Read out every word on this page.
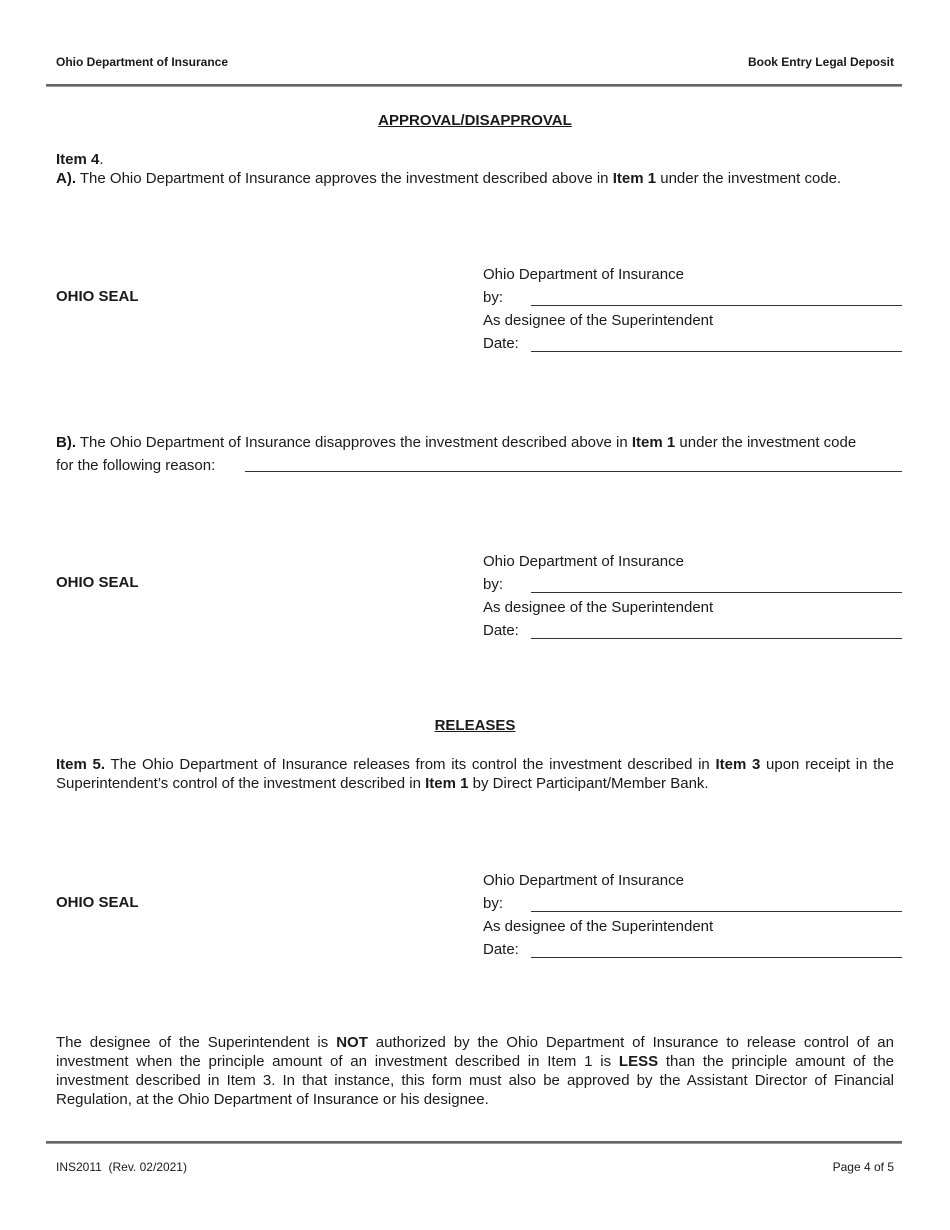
Ohio Department of Insurance	Book Entry Legal Deposit
APPROVAL/DISAPPROVAL
Item 4.
A). The Ohio Department of Insurance approves the investment described above in Item 1 under the investment code.
OHIO SEAL
Ohio Department of Insurance
by:
As designee of the Superintendent
Date:
B). The Ohio Department of Insurance disapproves the investment described above in Item 1 under the investment code
for the following reason:
OHIO SEAL
Ohio Department of Insurance
by:
As designee of the Superintendent
Date:
RELEASES
Item 5. The Ohio Department of Insurance releases from its control the investment described in Item 3 upon receipt in the Superintendent’s control of the investment described in Item 1 by Direct Participant/Member Bank.
OHIO SEAL
Ohio Department of Insurance
by:
As designee of the Superintendent
Date:
The designee of the Superintendent is NOT authorized by the Ohio Department of Insurance to release control of an investment when the principle amount of an investment described in Item 1 is LESS than the principle amount of the investment described in Item 3. In that instance, this form must also be approved by the Assistant Director of Financial Regulation, at the Ohio Department of Insurance or his designee.
INS2011  (Rev. 02/2021)	Page 4 of 5
